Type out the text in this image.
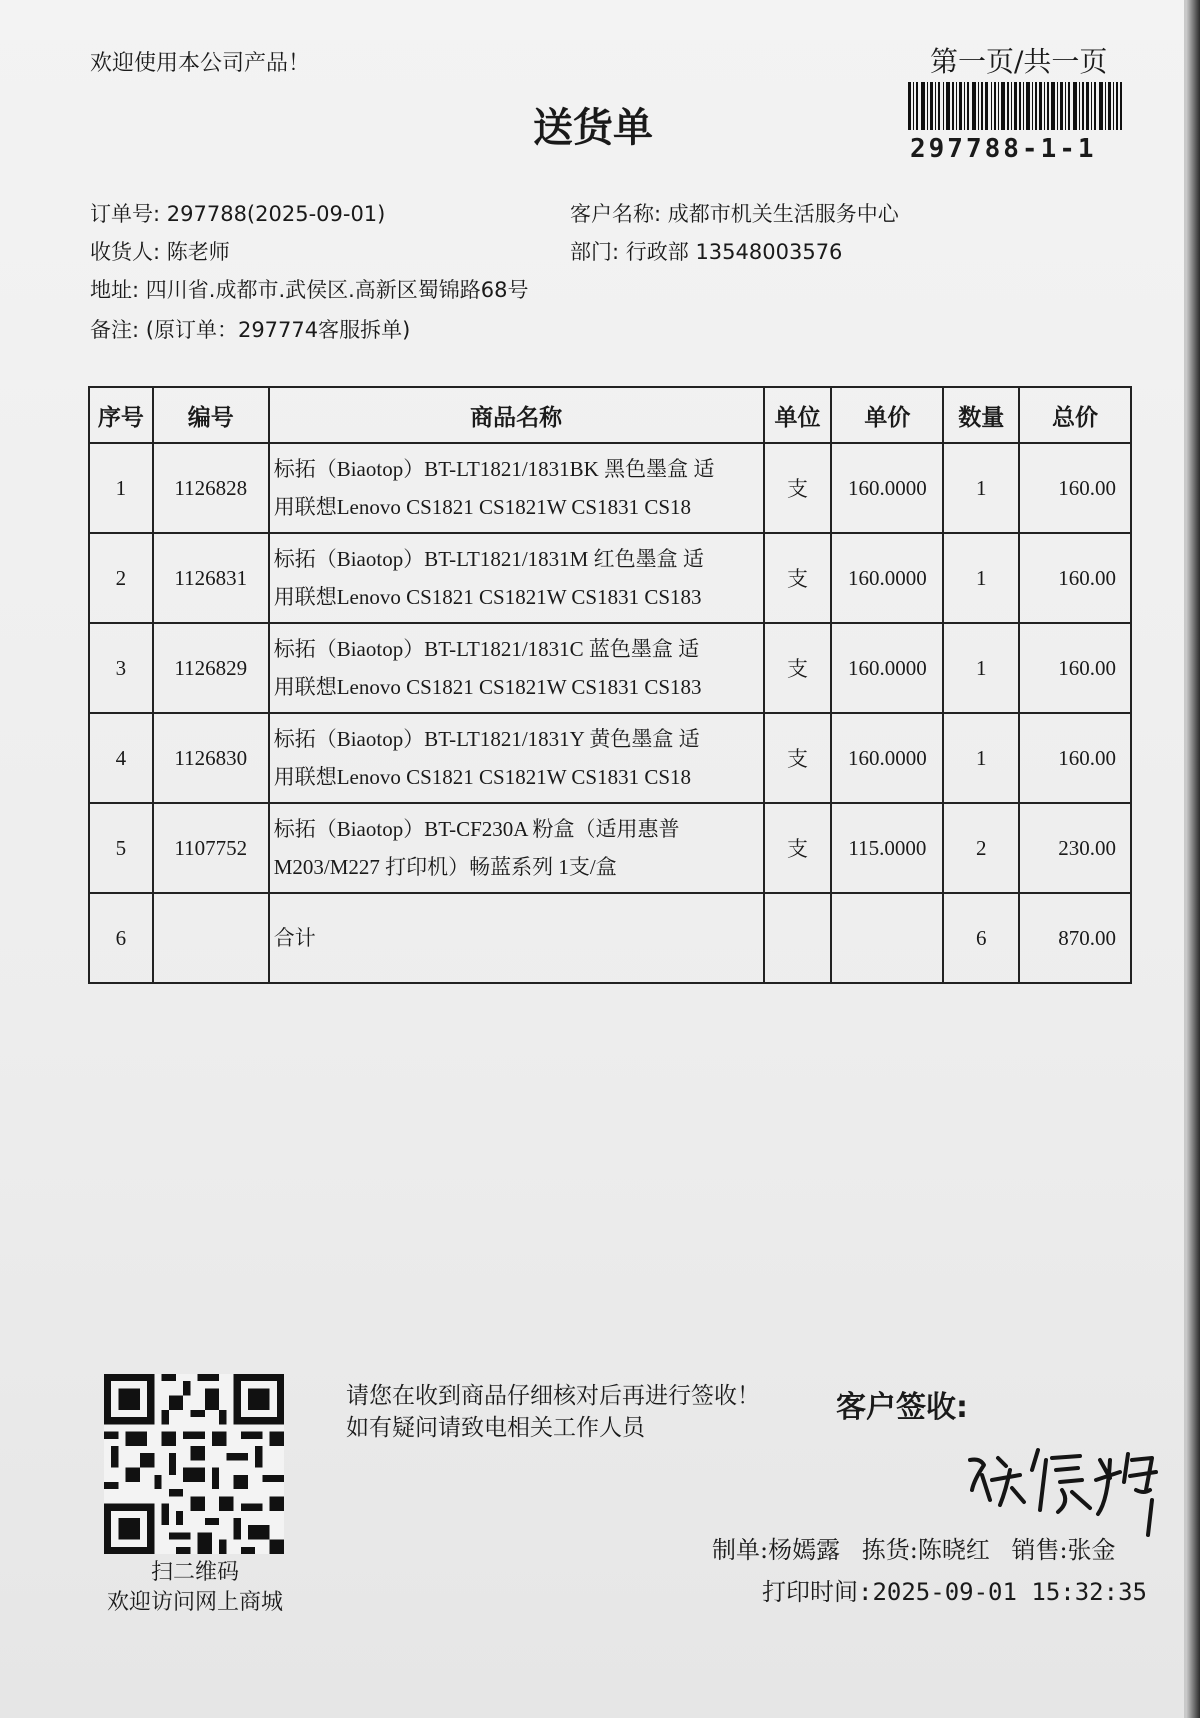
欢迎使用本公司产品！	第一页/共一页
297788-1-1
送货单
订单号: 297788(2025-09-01)	客户名称: 成都市机关生活服务中心
收货人: 陈老师	部门: 行政部 13548003576
地址: 四川省.成都市.武侯区.高新区蜀锦路68号
备注: (原订单：297774客服拆单)
序号	编号	商品名称	单位	单价	数量	总价
1	1126828	标拓（Biaotop）BT-LT1821/1831BK 黑色墨盒 适
用联想Lenovo CS1821 CS1821W CS1831 CS18	支	160.0000	1	160.00
2	1126831	标拓（Biaotop）BT-LT1821/1831M 红色墨盒 适
用联想Lenovo CS1821 CS1821W CS1831 CS183	支	160.0000	1	160.00
3	1126829	标拓（Biaotop）BT-LT1821/1831C 蓝色墨盒 适
用联想Lenovo CS1821 CS1821W CS1831 CS183	支	160.0000	1	160.00
4	1126830	标拓（Biaotop）BT-LT1821/1831Y 黄色墨盒 适
用联想Lenovo CS1821 CS1821W CS1831 CS18	支	160.0000	1	160.00
5	1107752	标拓（Biaotop）BT-CF230A 粉盒（适用惠普
M203/M227 打印机）畅蓝系列 1支/盒	支	115.0000	2	230.00
6		合计			6	870.00
扫二维码
欢迎访问网上商城
请您在收到商品仔细核对后再进行签收！如有疑问请致电相关工作人员
客户签收:
制单:杨嫣露 拣货:陈晓红 销售:张金
打印时间:2025-09-01 15:32:35
